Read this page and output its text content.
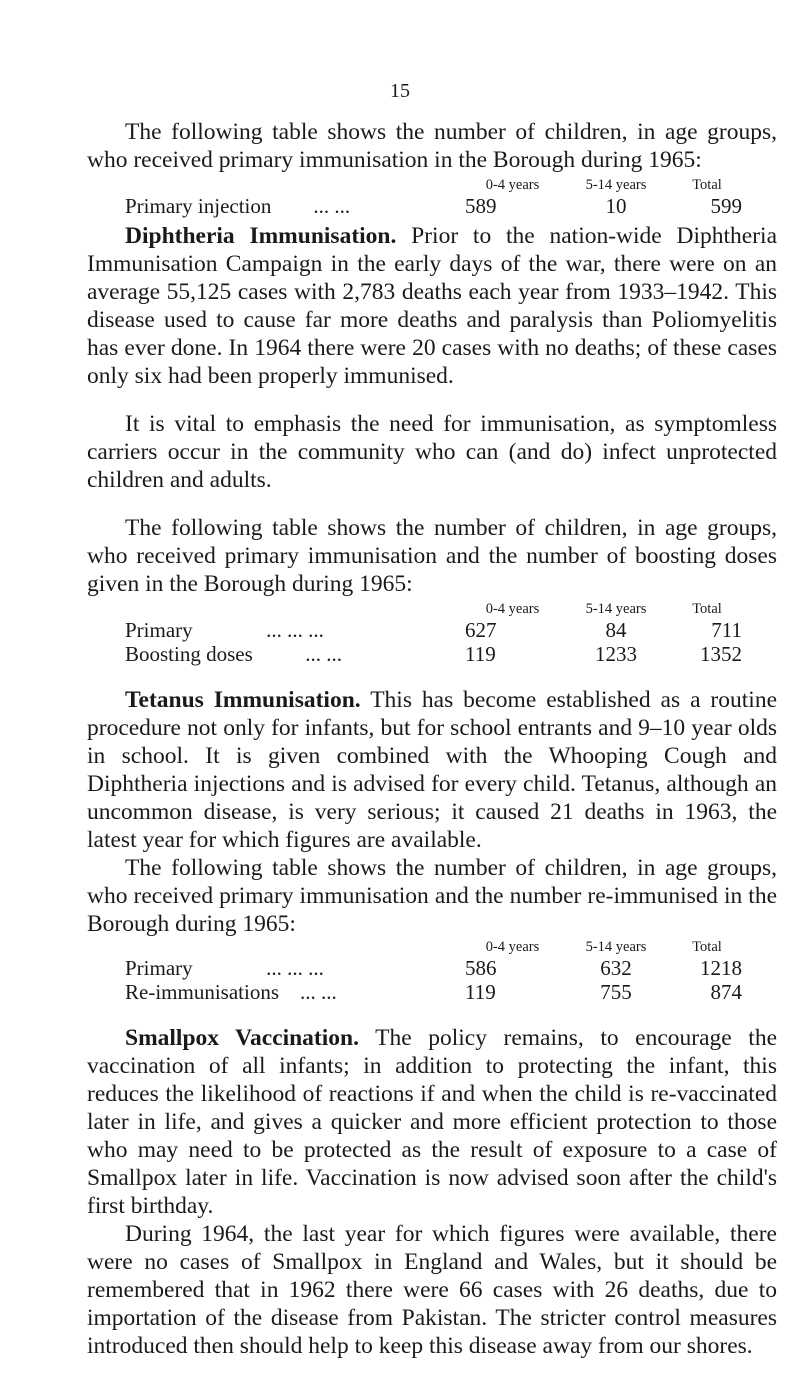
15

The following table shows the number of children, in age groups, who received primary immunisation in the Borough during 1965:

	0-4 years	5-14 years	Total
Primary injection ... ...	589	10	599

Diphtheria Immunisation. Prior to the nation-wide Diphtheria Immunisation Campaign in the early days of the war, there were on an average 55,125 cases with 2,783 deaths each year from 1933–1942. This disease used to cause far more deaths and paralysis than Poliomyelitis has ever done. In 1964 there were 20 cases with no deaths; of these cases only six had been properly immunised.

It is vital to emphasis the need for immunisation, as symptomless carriers occur in the community who can (and do) infect unprotected children and adults.

The following table shows the number of children, in age groups, who received primary immunisation and the number of boosting doses given in the Borough during 1965:

	0-4 years	5-14 years	Total
Primary ... ... ...	627	84	711
Boosting doses ... ...	119	1233	1352

Tetanus Immunisation. This has become established as a routine procedure not only for infants, but for school entrants and 9–10 year olds in school. It is given combined with the Whooping Cough and Diphtheria injections and is advised for every child. Tetanus, although an uncommon disease, is very serious; it caused 21 deaths in 1963, the latest year for which figures are available.

The following table shows the number of children, in age groups, who received primary immunisation and the number re-immunised in the Borough during 1965:

	0-4 years	5-14 years	Total
Primary ... ... ...	586	632	1218
Re-immunisations ... ...	119	755	874

Smallpox Vaccination. The policy remains, to encourage the vaccination of all infants; in addition to protecting the infant, this reduces the likelihood of reactions if and when the child is re-vaccinated later in life, and gives a quicker and more efficient protection to those who may need to be protected as the result of exposure to a case of Smallpox later in life. Vaccination is now advised soon after the child's first birthday.

During 1964, the last year for which figures were available, there were no cases of Smallpox in England and Wales, but it should be remembered that in 1962 there were 66 cases with 26 deaths, due to importation of the disease from Pakistan. The stricter control measures introduced then should help to keep this disease away from our shores.
